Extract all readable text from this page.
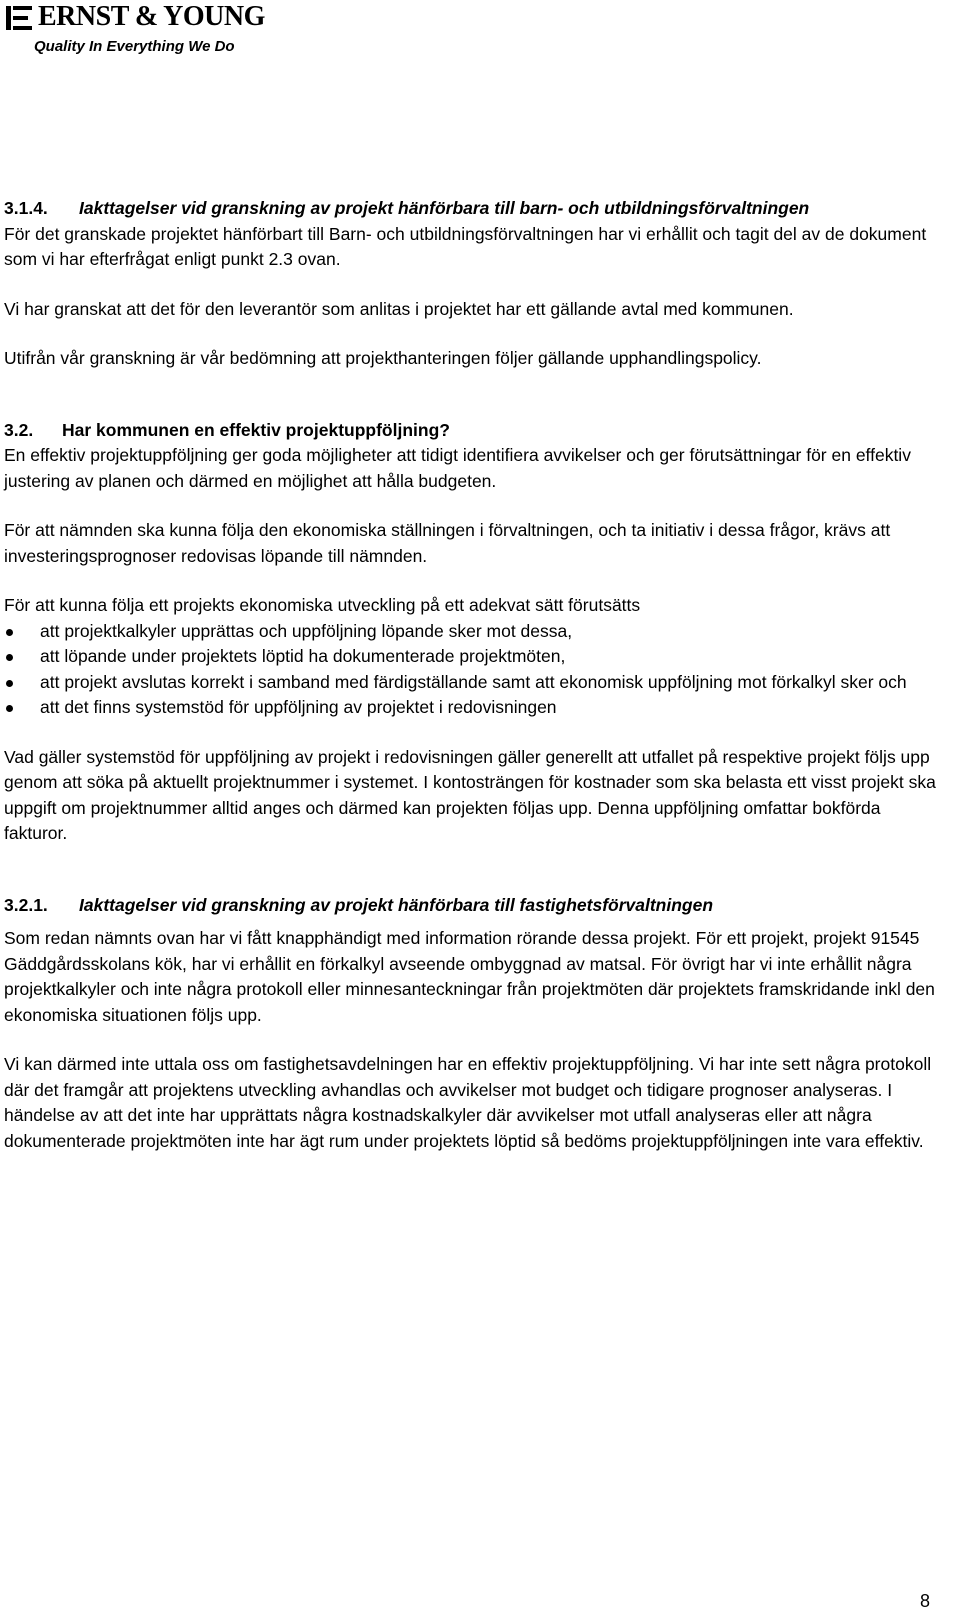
ERNST & YOUNG
Quality In Everything We Do
3.1.4.	Iakttagelser vid granskning av projekt hänförbara till barn- och utbildningsförvaltningen

För det granskade projektet hänförbart till Barn- och utbildningsförvaltningen har vi erhållit och tagit del av de dokument som vi har efterfrågat enligt punkt 2.3 ovan.

Vi har granskat att det för den leverantör som anlitas i projektet har ett gällande avtal med kommunen.

Utifrån vår granskning är vår bedömning att projekthanteringen följer gällande upphandlingspolicy.

3.2.	Har kommunen en effektiv projektuppföljning?

En effektiv projektuppföljning ger goda möjligheter att tidigt identifiera avvikelser och ger förutsättningar för en effektiv justering av planen och därmed en möjlighet att hålla budgeten.

För att nämnden ska kunna följa den ekonomiska ställningen i förvaltningen, och ta initiativ i dessa frågor, krävs att investeringsprognoser redovisas löpande till nämnden.

För att kunna följa ett projekts ekonomiska utveckling på ett adekvat sätt förutsätts

att projektkalkyler upprättas och uppföljning löpande sker mot dessa,
att löpande under projektets löptid ha dokumenterade projektmöten,
att projekt avslutas korrekt i samband med färdigställande samt att ekonomisk uppföljning mot förkalkyl sker och
att det finns systemstöd för uppföljning av projektet i redovisningen

Vad gäller systemstöd för uppföljning av projekt i redovisningen gäller generellt att utfallet på respektive projekt följs upp genom att söka på aktuellt projektnummer i systemet. I kontosträngen för kostnader som ska belasta ett visst projekt ska uppgift om projektnummer alltid anges och därmed kan projekten följas upp. Denna uppföljning omfattar bokförda fakturor.

3.2.1.	Iakttagelser vid granskning av projekt hänförbara till fastighetsförvaltningen

Som redan nämnts ovan har vi fått knapphändigt med information rörande dessa projekt. För ett projekt, projekt 91545 Gäddgårdsskolans kök, har vi erhållit en förkalkyl avseende ombyggnad av matsal. För övrigt har vi inte erhållit några projektkalkyler och inte några protokoll eller minnesanteckningar från projektmöten där projektets framskridande inkl den ekonomiska situationen följs upp.

Vi kan därmed inte uttala oss om fastighetsavdelningen har en effektiv projektuppföljning. Vi har inte sett några protokoll där det framgår att projektens utveckling avhandlas och avvikelser mot budget och tidigare prognoser analyseras. I händelse av att det inte har upprättats några kostnadskalkyler där avvikelser mot utfall analyseras eller att några dokumenterade projektmöten inte har ägt rum under projektets löptid så bedöms projektuppföljningen inte vara effektiv.

8
